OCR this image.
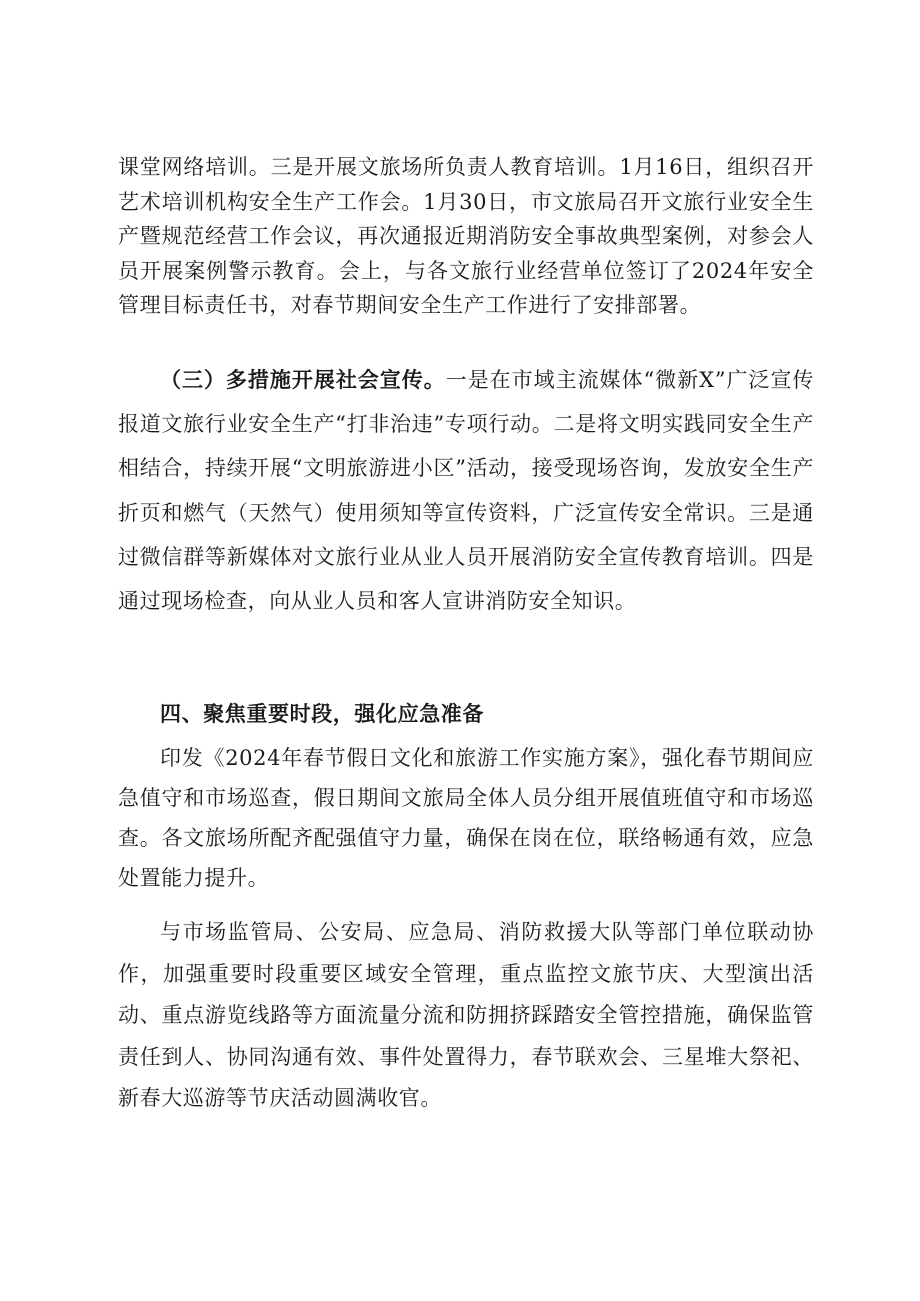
课堂网络培训。三是开展文旅场所负责人教育培训。1月16日，组织召开艺术培训机构安全生产工作会。1月30日，市文旅局召开文旅行业安全生产暨规范经营工作会议，再次通报近期消防安全事故典型案例，对参会人员开展案例警示教育。会上，与各文旅行业经营单位签订了2024年安全管理目标责任书，对春节期间安全生产工作进行了安排部署。

（三）多措施开展社会宣传。一是在市域主流媒体“微新X”广泛宣传报道文旅行业安全生产“打非治违”专项行动。二是将文明实践同安全生产相结合，持续开展“文明旅游进小区”活动，接受现场咨询，发放安全生产折页和燃气（天然气）使用须知等宣传资料，广泛宣传安全常识。三是通过微信群等新媒体对文旅行业从业人员开展消防安全宣传教育培训。四是通过现场检查，向从业人员和客人宣讲消防安全知识。

四、聚焦重要时段，强化应急准备

印发《2024年春节假日文化和旅游工作实施方案》，强化春节期间应急值守和市场巡查，假日期间文旅局全体人员分组开展值班值守和市场巡查。各文旅场所配齐配强值守力量，确保在岗在位，联络畅通有效，应急处置能力提升。

与市场监管局、公安局、应急局、消防救援大队等部门单位联动协作，加强重要时段重要区域安全管理，重点监控文旅节庆、大型演出活动、重点游览线路等方面流量分流和防拥挤踩踏安全管控措施，确保监管责任到人、协同沟通有效、事件处置得力，春节联欢会、三星堆大祭祀、新春大巡游等节庆活动圆满收官。
